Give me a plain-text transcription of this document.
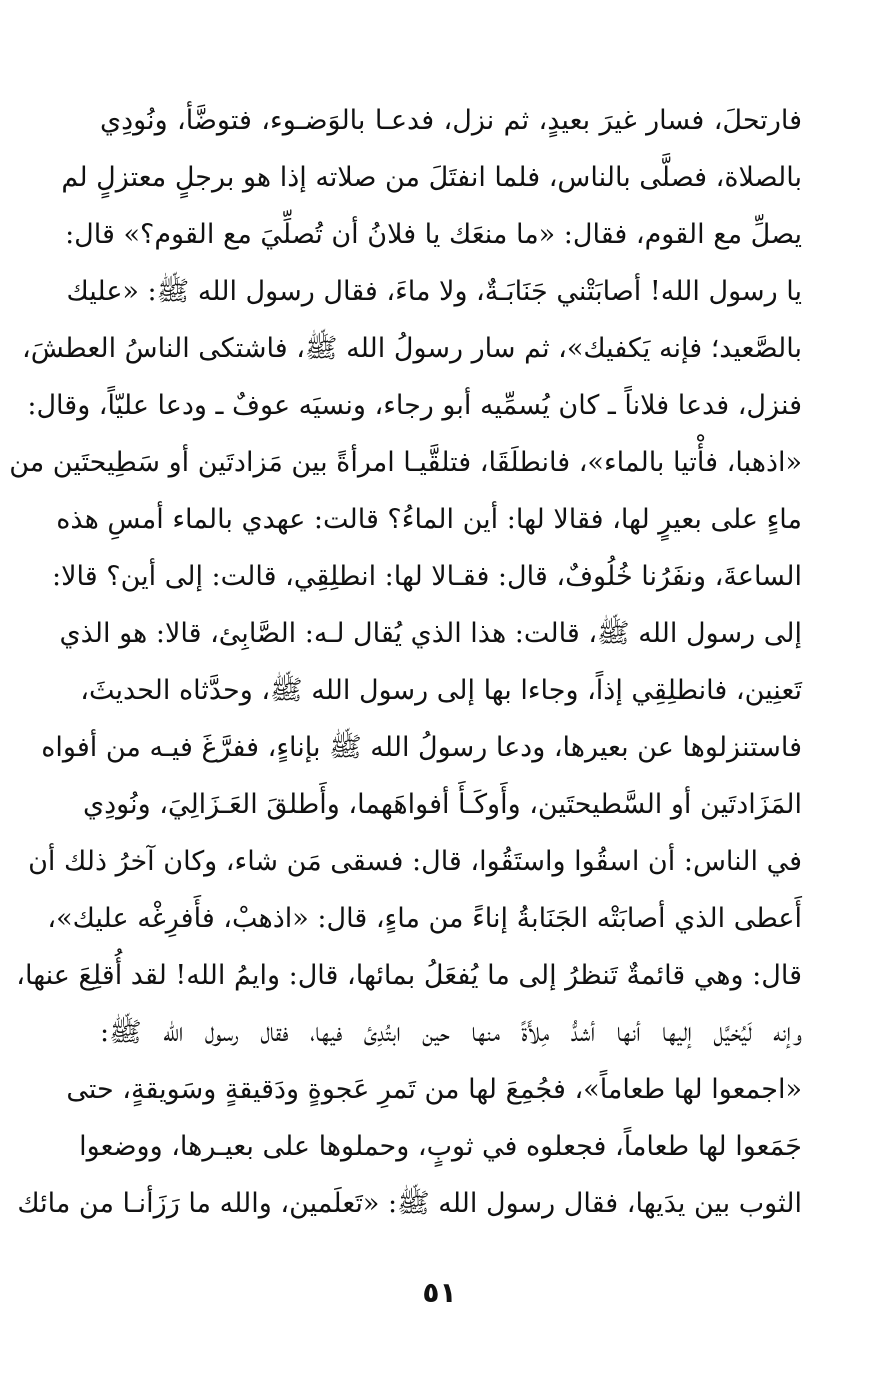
فارتحلَ، فسار غيرَ بعيدٍ، ثم نزل، فدعـا بالوَضـوء، فتوضَّأ، ونُودِي
بالصلاة، فصلَّى بالناس، فلما انفتَلَ من صلاته إذا هو برجلٍ معتزلٍ لم
يصلِّ مع القوم، فقال: «ما منعَك يا فلانُ أن تُصلِّيَ مع القوم؟» قال:
يا رسول الله! أصابَتْني جَنَابَـةٌ، ولا ماءَ، فقال رسول الله ﷺ: «عليك
بالصَّعيد؛ فإنه يَكفيك»، ثم سار رسولُ الله ﷺ، فاشتكى الناسُ العطشَ،
فنزل، فدعا فلاناً ـ كان يُسمِّيه أبو رجاء، ونسيَه عوفٌ ـ ودعا عليّاً، وقال:
«اذهبا، فأْتيا بالماء»، فانطلَقَا، فتلقَّيـا امرأةً بين مَزادتَين أو سَطِيحتَين من
ماءٍ على بعيرٍ لها، فقالا لها: أين الماءُ؟ قالت: عهدي بالماء أمسِ هذه
الساعةَ، ونفَرُنا خُلُوفٌ، قال: فقـالا لها: انطلِقِي، قالت: إلى أين؟ قالا:
إلى رسول الله ﷺ، قالت: هذا الذي يُقال لـه: الصَّابِئ، قالا: هو الذي
تَعنِين، فانطلِقِي إذاً، وجاءا بها إلى رسول الله ﷺ، وحدَّثاه الحديثَ،
فاستنزلوها عن بعيرها، ودعا رسولُ الله ﷺ بإناءٍ، ففرَّغَ فيـه من أفواه
المَزَادتَين أو السَّطيحتَين، وأَوكَـأَ أفواهَهما، وأَطلقَ العَـزَالِيَ، ونُودِي
في الناس: أن اسقُوا واستَقُوا، قال: فسقى مَن شاء، وكان آخرُ ذلك أن
أَعطى الذي أصابَتْه الجَنَابةُ إناءً من ماءٍ، قال: «اذهبْ، فأَفرِغْه عليك»،
قال: وهي قائمةٌ تَنظرُ إلى ما يُفعَلُ بمائها، قال: وايمُ الله! لقد أُقلِعَ عنها،
وإنه لَيُخيَّل إليها أنها أشدُّ مِلأَةً منها حين ابتُدِئ فيها، فقال رسول الله ﷺ:
«اجمعوا لها طعاماً»، فجُمِعَ لها من تَمرِ عَجوةٍ ودَقيقةٍ وسَويقةٍ، حتى
جَمَعوا لها طعاماً، فجعلوه في ثوبٍ، وحملوها على بعيـرها، ووضعوا
الثوب بين يدَيها، فقال رسول الله ﷺ: «تَعلَمين، والله ما رَزَأنـا من مائك
٥١
